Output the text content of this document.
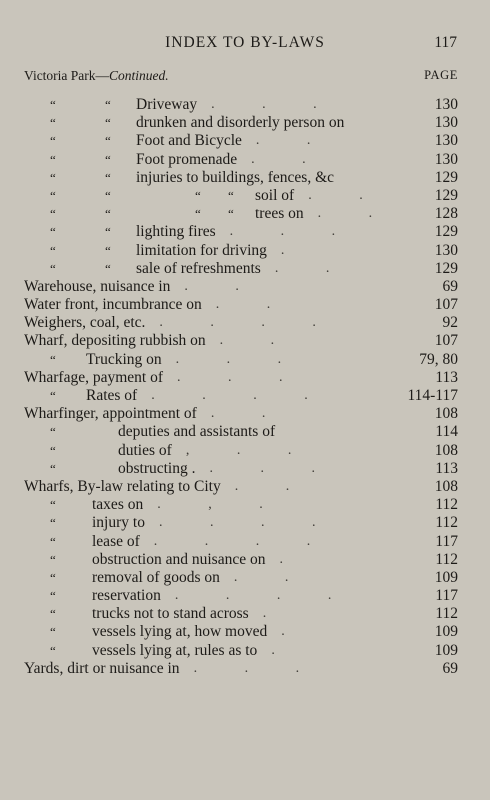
INDEX TO BY-LAWS	117
Victoria Park—Continued.	PAGE
“	“ Driveway . . .	130
“	“ drunken and disorderly person on	130
“	“ Foot and Bicycle . .	130
“	“ Foot promenade . .	130
“	“ injuries to buildings, fences, &c	129
“	“	“ “ soil of . .	129
“	“	“ “ trees on . .	128
“	“ lighting fires . . .	129
“	“ limitation for driving .	130
“	“ sale of refreshments . .	129
Warehouse, nuisance in . .	69
Water front, incumbrance on . .	107
Weighers, coal, etc. . . . .	92
Wharf, depositing rubbish on . .	107
“ Trucking on . . .	79, 80
Wharfage, payment of . . .	113
“ Rates of . . . .	114-117
Wharfinger, appointment of . .	108
“	deputies and assistants of	114
“	duties of , . .	108
“	obstructing . . . .	113
Wharfs, By-law relating to City . .	108
“ taxes on . , .	112
“ injury to . . . .	112
“ lease of . . . .	117
“ obstruction and nuisance on .	112
“ removal of goods on . .	109
“ reservation . . . .	117
“ trucks not to stand across .	112
“ vessels lying at, how moved .	109
“ vessels lying at, rules as to .	109
Yards, dirt or nuisance in . . .	69
